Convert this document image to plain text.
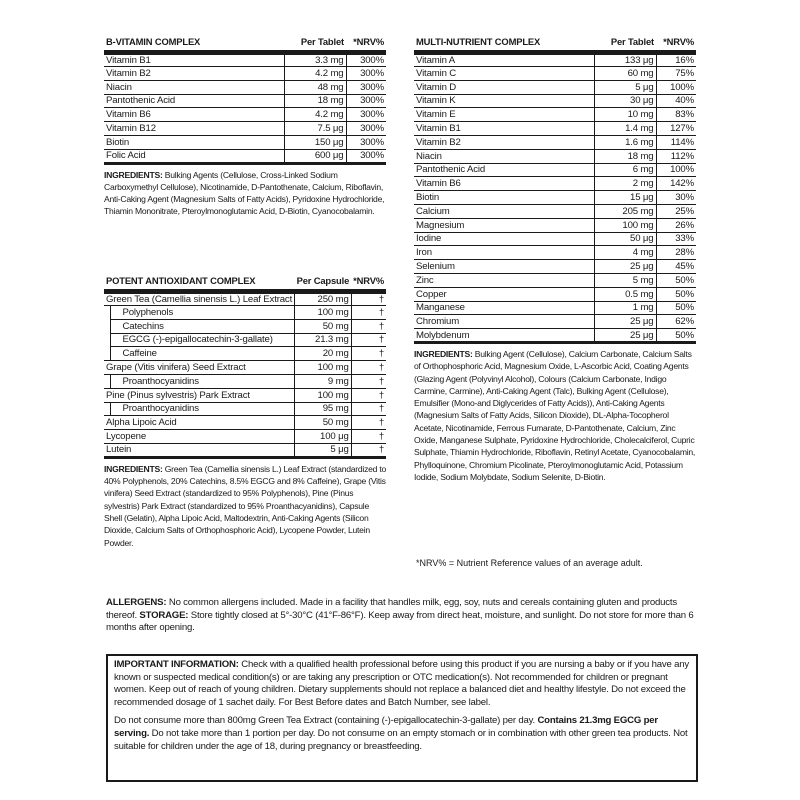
B-VITAMIN COMPLEX	Per Tablet	*NRV%
Vitamin B1	3.3 mg	300%
Vitamin B2	4.2 mg	300%
Niacin	48 mg	300%
Pantothenic Acid	18 mg	300%
Vitamin B6	4.2 mg	300%
Vitamin B12	7.5 μg	300%
Biotin	150 μg	300%
Folic Acid	600 μg	300%
INGREDIENTS: Bulking Agents (Cellulose, Cross-Linked Sodium Carboxymethyl Cellulose), Nicotinamide, D-Pantothenate, Calcium, Riboflavin, Anti-Caking Agent (Magnesium Salts of Fatty Acids), Pyridoxine Hydrochloride, Thiamin Mononitrate, Pteroylmonoglutamic Acid, D-Biotin, Cyanocobalamin.
POTENT ANTIOXIDANT COMPLEX		Per Capsule	*NRV%
Green Tea (Camellia sinensis L.) Leaf Extract		250 mg	†
	Polyphenols	100 mg	†
	Catechins	50 mg	†
	EGCG (-)-epigallocatechin-3-gallate)	21.3 mg	†
	Caffeine	20 mg	†
Grape (Vitis vinifera) Seed Extract		100 mg	†
	Proanthocyanidins	9 mg	†
Pine (Pinus sylvestris) Park Extract		100 mg	†
	Proanthocyanidins	95 mg	†
Alpha Lipoic Acid		50 mg	†
Lycopene		100 μg	†
Lutein		5 μg	†
INGREDIENTS: Green Tea (Camellia sinensis L.) Leaf Extract (standardized to 40% Polyphenols, 20% Catechins, 8.5% EGCG and 8% Caffeine), Grape (Vitis vinifera) Seed Extract (standardized to 95% Polyphenols), Pine (Pinus sylvestris) Park Extract (standardized to 95% Proanthacyanidins), Capsule Shell (Gelatin), Alpha Lipoic Acid, Maltodextrin, Anti-Caking Agents (Silicon Dioxide, Calcium Salts of Orthophosphoric Acid), Lycopene Powder, Lutein Powder.
MULTI-NUTRIENT COMPLEX	Per Tablet	*NRV%
Vitamin A	133 μg	16%
Vitamin C	60 mg	75%
Vitamin D	5 μg	100%
Vitamin K	30 μg	40%
Vitamin E	10 mg	83%
Vitamin B1	1.4 mg	127%
Vitamin B2	1.6 mg	114%
Niacin	18 mg	112%
Pantothenic Acid	6 mg	100%
Vitamin B6	2 mg	142%
Biotin	15 μg	30%
Calcium	205 mg	25%
Magnesium	100 mg	26%
Iodine	50 μg	33%
Iron	4 mg	28%
Selenium	25 μg	45%
Zinc	5 mg	50%
Copper	0.5 mg	50%
Manganese	1 mg	50%
Chromium	25 μg	62%
Molybdenum	25 μg	50%
INGREDIENTS: Bulking Agent (Cellulose), Calcium Carbonate, Calcium Salts of Orthophosphoric Acid, Magnesium Oxide, L-Ascorbic Acid, Coating Agents (Glazing Agent (Polyvinyl Alcohol), Colours (Calcium Carbonate, Indigo Carmine, Carmine), Anti-Caking Agent (Talc), Bulking Agent (Cellulose), Emulsifier (Mono-and Diglycerides of Fatty Acids)), Anti-Caking Agents (Magnesium Salts of Fatty Acids, Silicon Dioxide), DL-Alpha-Tocopherol Acetate, Nicotinamide, Ferrous Fumarate, D-Pantothenate, Calcium, Zinc Oxide, Manganese Sulphate, Pyridoxine Hydrochloride, Cholecalciferol, Cupric Sulphate, Thiamin Hydrochloride, Riboflavin, Retinyl Acetate, Cyanocobalamin, Phylloquinone, Chromium Picolinate, Pteroylmonoglutamic Acid, Potassium Iodide, Sodium Molybdate, Sodium Selenite, D-Biotin.
*NRV% = Nutrient Reference values of an average adult.
ALLERGENS: No common allergens included. Made in a facility that handles milk, egg, soy, nuts and cereals containing gluten and products thereof. STORAGE: Store tightly closed at 5°-30°C (41°F-86°F). Keep away from direct heat, moisture, and sunlight. Do not store for more than 6 months after opening.

IMPORTANT INFORMATION: Check with a qualified health professional before using this product if you are nursing a baby or if you have any known or suspected medical condition(s) or are taking any prescription or OTC medication(s). Not recommended for children or pregnant women. Keep out of reach of young children. Dietary supplements should not replace a balanced diet and healthy lifestyle. Do not exceed the recommended dosage of 1 sachet daily. For Best Before dates and Batch Number, see label.

Do not consume more than 800mg Green Tea Extract (containing (-)-epigallocatechin-3-gallate) per day. Contains 21.3mg EGCG per serving. Do not take more than 1 portion per day. Do not consume on an empty stomach or in combination with other green tea products. Not suitable for children under the age of 18, during pregnancy or breastfeeding.
